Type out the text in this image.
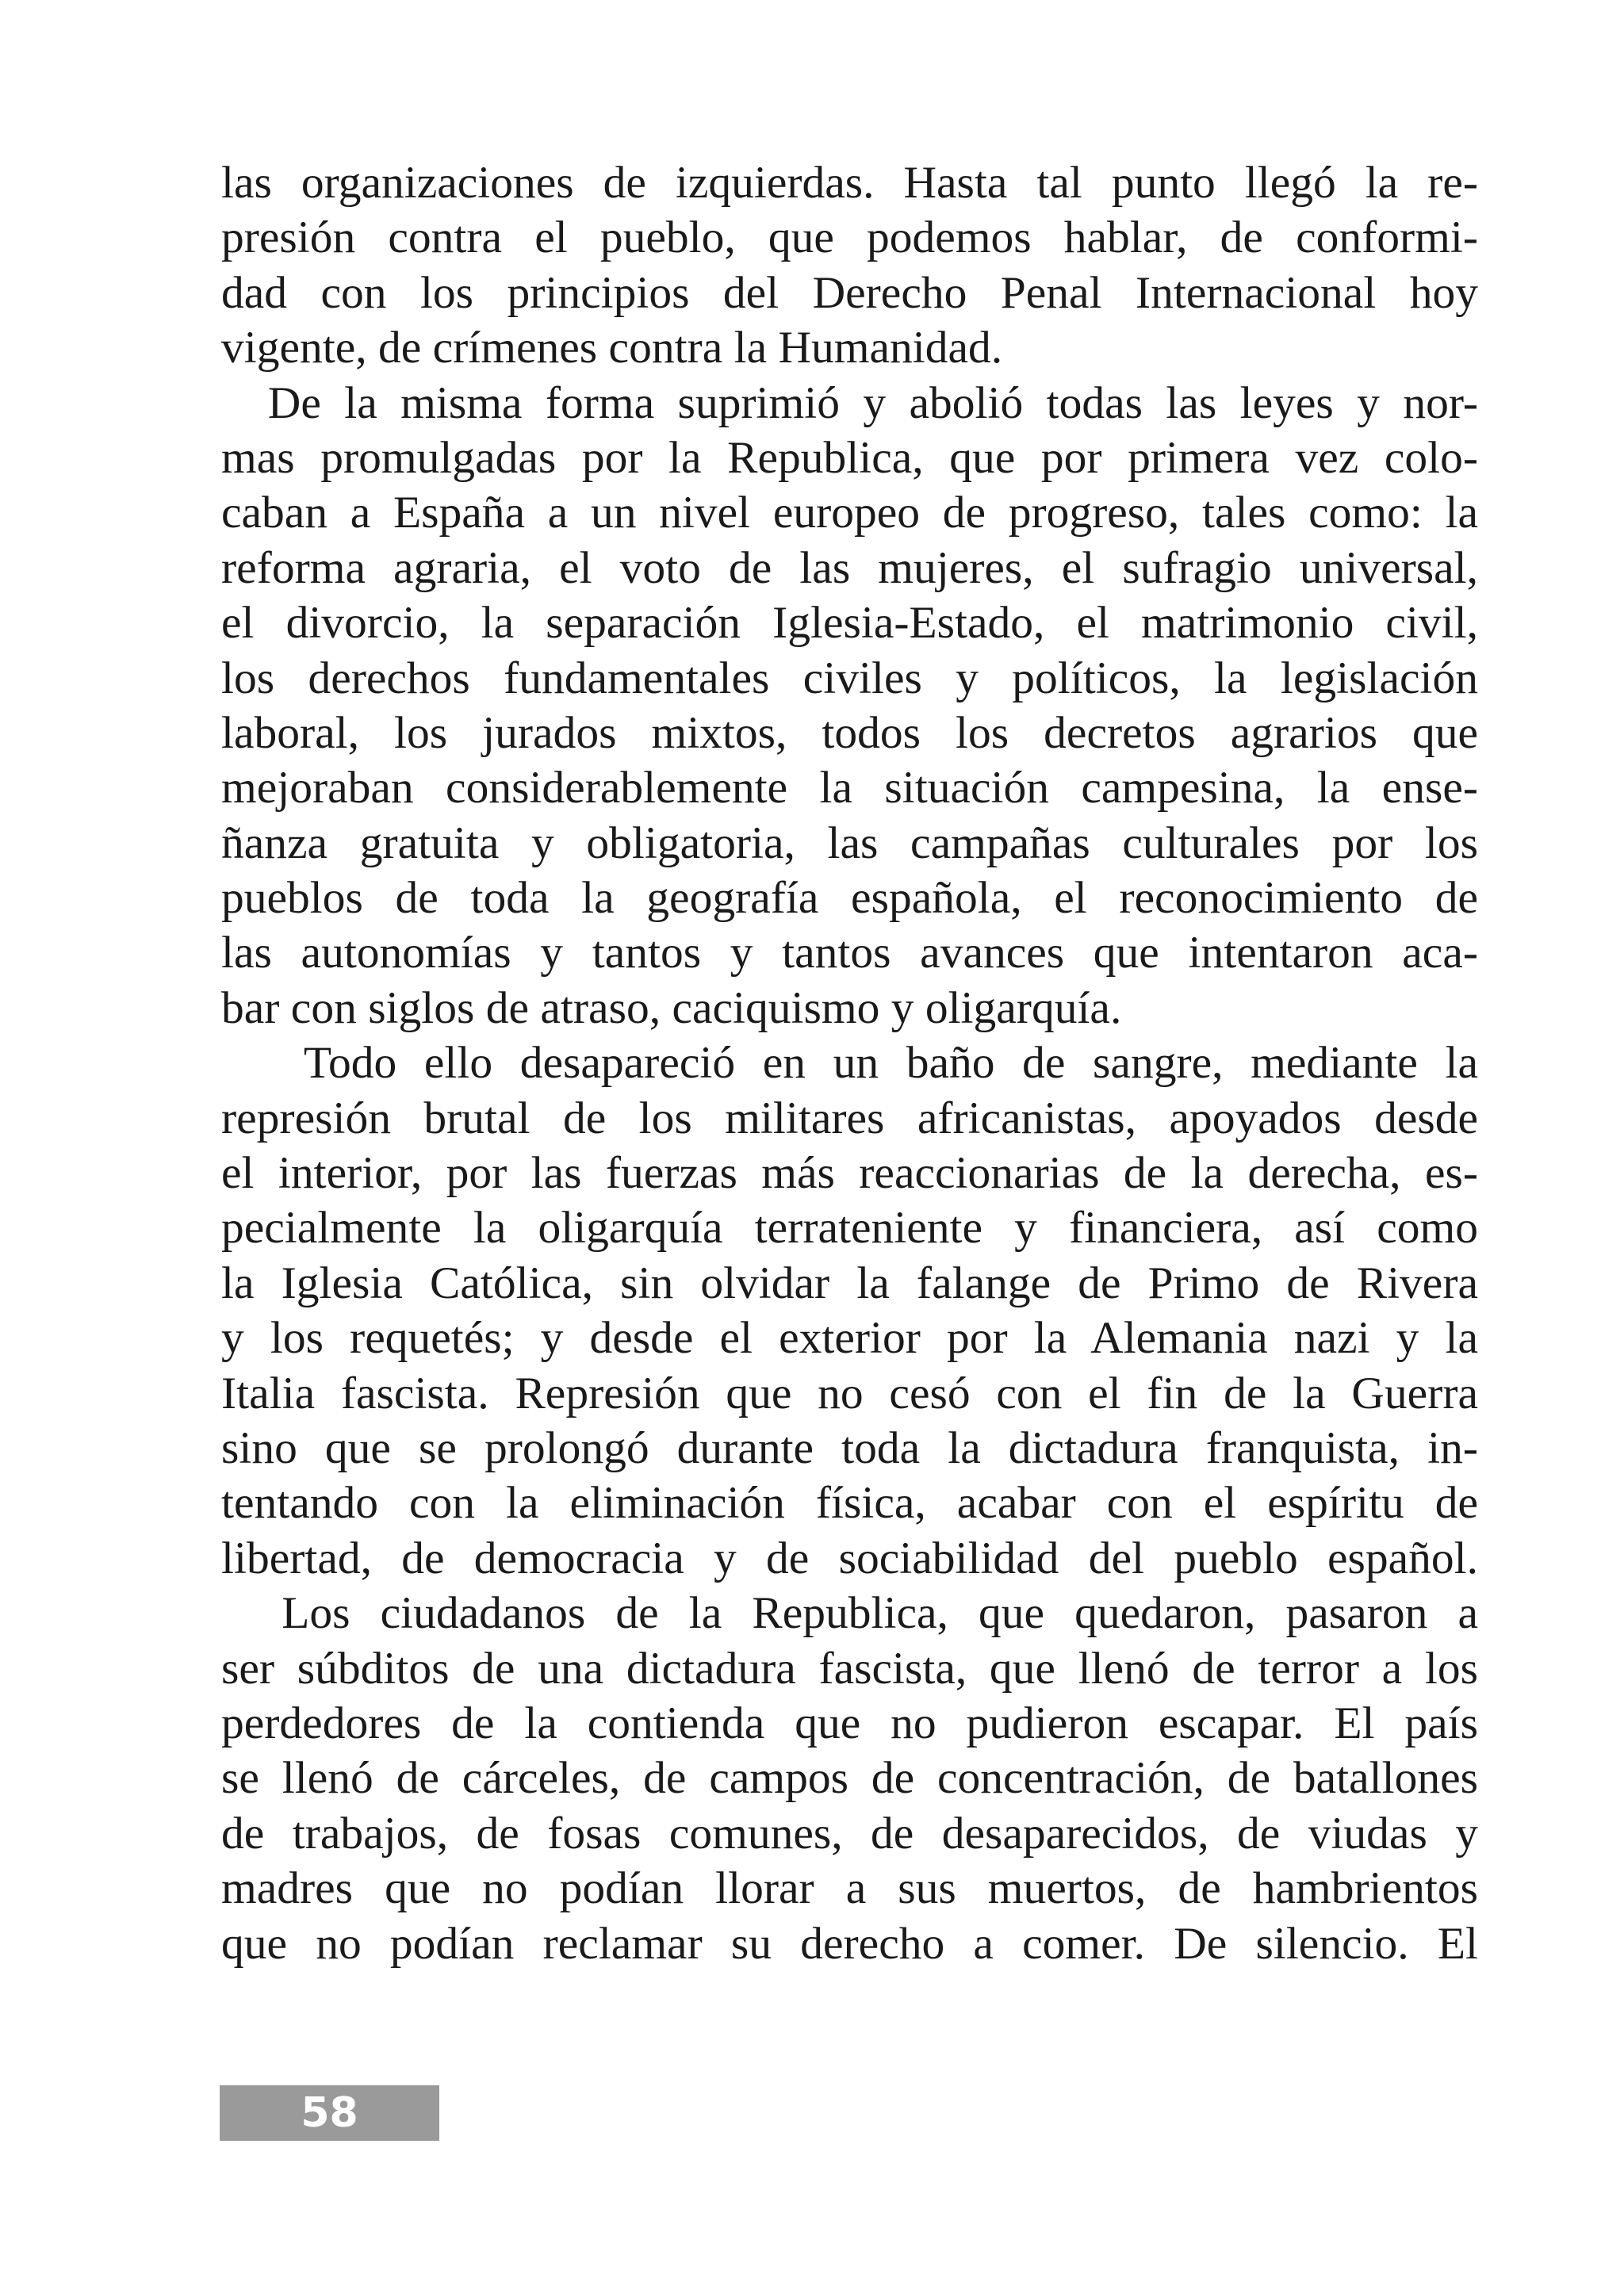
las organizaciones de izquierdas. Hasta tal punto llegó la re-
presión contra el pueblo, que podemos hablar, de conformi-
dad con los principios del Derecho Penal Internacional hoy
vigente, de crímenes contra la Humanidad.
De la misma forma suprimió y abolió todas las leyes y nor-
mas promulgadas por la Republica, que por primera vez colo-
caban a España a un nivel europeo de progreso, tales como: la
reforma agraria, el voto de las mujeres, el sufragio universal,
el divorcio, la separación Iglesia-Estado, el matrimonio civil,
los derechos fundamentales civiles y políticos, la legislación
laboral, los jurados mixtos, todos los decretos agrarios que
mejoraban considerablemente la situación campesina, la ense-
ñanza gratuita y obligatoria, las campañas culturales por los
pueblos de toda la geografía española, el reconocimiento de
las autonomías y tantos y tantos avances que intentaron aca-
bar con siglos de atraso, caciquismo y oligarquía.
Todo ello desapareció en un baño de sangre, mediante la
represión brutal de los militares africanistas, apoyados desde
el interior, por las fuerzas más reaccionarias de la derecha, es-
pecialmente la oligarquía terrateniente y financiera, así como
la Iglesia Católica, sin olvidar la falange de Primo de Rivera
y los requetés; y desde el exterior por la Alemania nazi y la
Italia fascista. Represión que no cesó con el fin de la Guerra
sino que se prolongó durante toda la dictadura franquista, in-
tentando con la eliminación física, acabar con el espíritu de
libertad, de democracia y de sociabilidad del pueblo español.
Los ciudadanos de la Republica, que quedaron, pasaron a
ser súbditos de una dictadura fascista, que llenó de terror a los
perdedores de la contienda que no pudieron escapar. El país
se llenó de cárceles, de campos de concentración, de batallones
de trabajos, de fosas comunes, de desaparecidos, de viudas y
madres que no podían llorar a sus muertos, de hambrientos
que no podían reclamar su derecho a comer. De silencio. El
58
